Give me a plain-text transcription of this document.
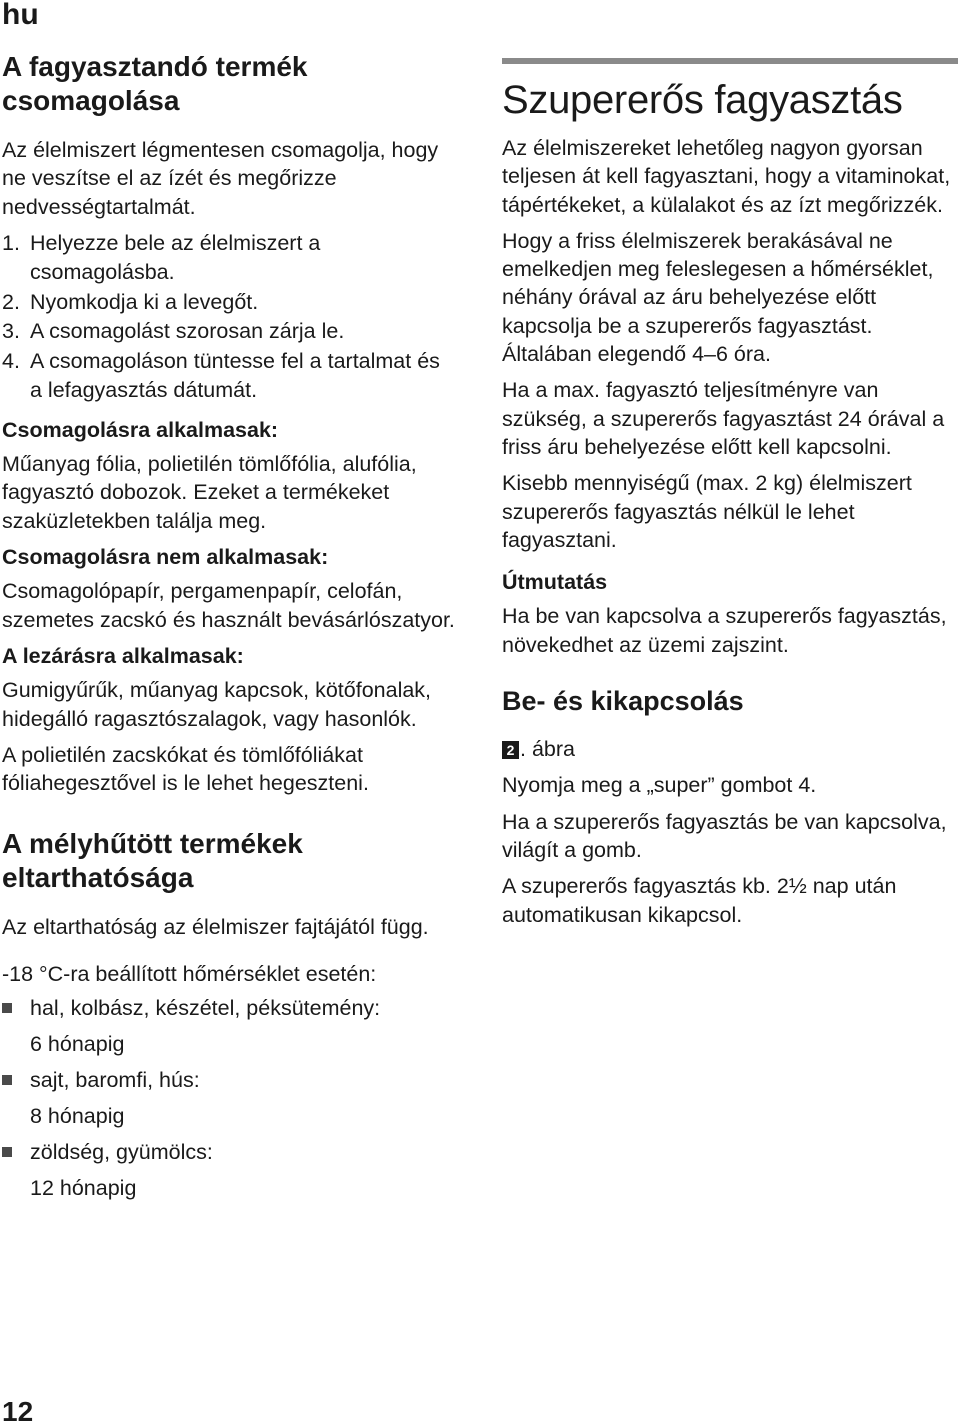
hu
A fagyasztandó termék csomagolása

Az élelmiszert légmentesen csomagolja, hogy ne veszítse el az ízét és megőrizze nedvességtartalmát.

1. Helyezze bele az élelmiszert a csomagolásba.
2. Nyomkodja ki a levegőt.
3. A csomagolást szorosan zárja le.
4. A csomagoláson tüntesse fel a tartalmat és a lefagyasztás dátumát.
Csomagolásra alkalmasak:

Műanyag fólia, polietilén tömlőfólia, alufólia, fagyasztó dobozok. Ezeket a termékeket szaküzletekben találja meg.

Csomagolásra nem alkalmasak:

Csomagolópapír, pergamenpapír, celofán, szemetes zacskó és használt bevásárlószatyor.

A lezárásra alkalmasak:

Gumigyűrűk, műanyag kapcsok, kötőfonalak, hidegálló ragasztószalagok, vagy hasonlók.

A polietilén zacskókat és tömlőfóliákat fóliahegesztővel is le lehet hegeszteni.

A mélyhűtött termékek eltarthatósága

Az eltarthatóság az élelmiszer fajtájától függ.

-18 °C-ra beállított hőmérséklet esetén:

hal, kolbász, készétel, péksütemény:
6 hónapig
sajt, baromfi, hús:
8 hónapig
zöldség, gyümölcs:
12 hónapig
Szupererős fagyasztás

Az élelmiszereket lehetőleg nagyon gyorsan teljesen át kell fagyasztani, hogy a vitaminokat, tápértékeket, a külalakot és az ízt megőrizzék.

Hogy a friss élelmiszerek berakásával ne emelkedjen meg feleslegesen a hőmérséklet, néhány órával az áru behelyezése előtt kapcsolja be a szupererős fagyasztást. Általában elegendő 4–6 óra.

Ha a max. fagyasztó teljesítményre van szükség, a szupererős fagyasztást 24 órával a friss áru behelyezése előtt kell kapcsolni.

Kisebb mennyiségű (max. 2 kg) élelmiszert szupererős fagyasztás nélkül le lehet fagyasztani.

Útmutatás

Ha be van kapcsolva a szupererős fagyasztás, növekedhet az üzemi zajszint.

Be- és kikapcsolás
2 . ábra

Nyomja meg a „super” gombot 4.

Ha a szupererős fagyasztás be van kapcsolva, világít a gomb.

A szupererős fagyasztás kb. 2½ nap után automatikusan kikapcsol.

12
